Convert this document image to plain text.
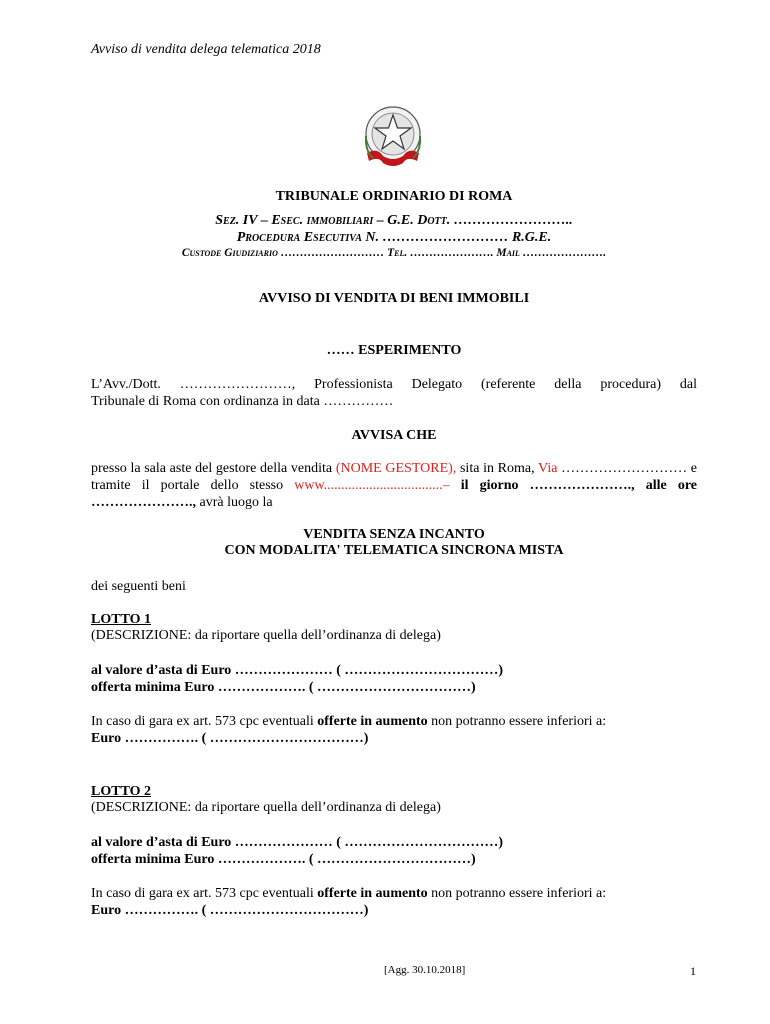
Avviso di vendita delega telematica 2018
TRIBUNALE ORDINARIO DI ROMA
Sez. IV – Esec. immobiliari – G.E. Dott. ……………………..
Procedura Esecutiva N. ……………………… R.G.E.
Custode Giudiziario ……………………… Tel. …………………. Mail ………………….
AVVISO DI VENDITA DI BENI IMMOBILI
…… ESPERIMENTO
L’Avv./Dott. ……………………, Professionista Delegato (referente della procedura) dal
Tribunale di Roma con ordinanza in data ……………
AVVISA CHE
presso la sala aste del gestore della vendita (NOME GESTORE), sita in Roma, Via ……………………… e tramite il portale dello stesso www..................................– il giorno …………………., alle ore …………………., avrà luogo la
VENDITA SENZA INCANTO
CON MODALITA' TELEMATICA SINCRONA MISTA
dei seguenti beni
LOTTO 1
(DESCRIZIONE: da riportare quella dell’ordinanza di delega)
al valore d’asta di Euro ………………… ( ……………………………)
offerta minima Euro ………………. ( ……………………………)
In caso di gara ex art. 573 cpc eventuali offerte in aumento non potranno essere inferiori a:
Euro ……………. ( ……………………………)
LOTTO 2
(DESCRIZIONE: da riportare quella dell’ordinanza di delega)
al valore d’asta di Euro ………………… ( ……………………………)
offerta minima Euro ………………. ( ……………………………)
In caso di gara ex art. 573 cpc eventuali offerte in aumento non potranno essere inferiori a:
Euro ……………. ( ……………………………)
[Agg. 30.10.2018]	1
